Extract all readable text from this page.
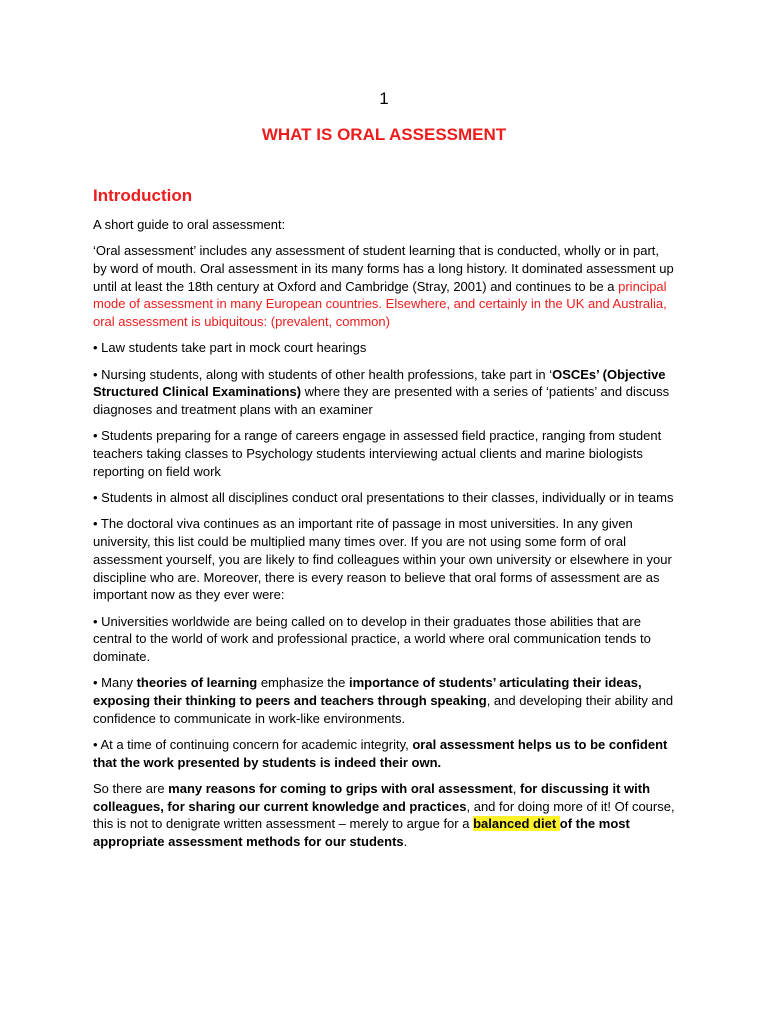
1
WHAT IS ORAL ASSESSMENT
Introduction

A short guide to oral assessment:

‘Oral assessment’ includes any assessment of student learning that is conducted, wholly or in part, by word of mouth. Oral assessment in its many forms has a long history. It dominated assessment up until at least the 18th century at Oxford and Cambridge (Stray, 2001) and continues to be a principal mode of assessment in many European countries. Elsewhere, and certainly in the UK and Australia, oral assessment is ubiquitous: (prevalent, common)

• Law students take part in mock court hearings

• Nursing students, along with students of other health professions, take part in ‘OSCEs’ (Objective Structured Clinical Examinations) where they are presented with a series of ‘patients’ and discuss diagnoses and treatment plans with an examiner

• Students preparing for a range of careers engage in assessed field practice, ranging from student teachers taking classes to Psychology students interviewing actual clients and marine biologists reporting on field work

• Students in almost all disciplines conduct oral presentations to their classes, individually or in teams

• The doctoral viva continues as an important rite of passage in most universities. In any given university, this list could be multiplied many times over. If you are not using some form of oral assessment yourself, you are likely to find colleagues within your own university or elsewhere in your discipline who are. Moreover, there is every reason to believe that oral forms of assessment are as important now as they ever were:

• Universities worldwide are being called on to develop in their graduates those abilities that are central to the world of work and professional practice, a world where oral communication tends to dominate.

• Many theories of learning emphasize the importance of students’ articulating their ideas, exposing their thinking to peers and teachers through speaking, and developing their ability and confidence to communicate in work-like environments.

• At a time of continuing concern for academic integrity, oral assessment helps us to be confident that the work presented by students is indeed their own.

So there are many reasons for coming to grips with oral assessment, for discussing it with colleagues, for sharing our current knowledge and practices, and for doing more of it! Of course, this is not to denigrate written assessment – merely to argue for a balanced diet of the most appropriate assessment methods for our students.
